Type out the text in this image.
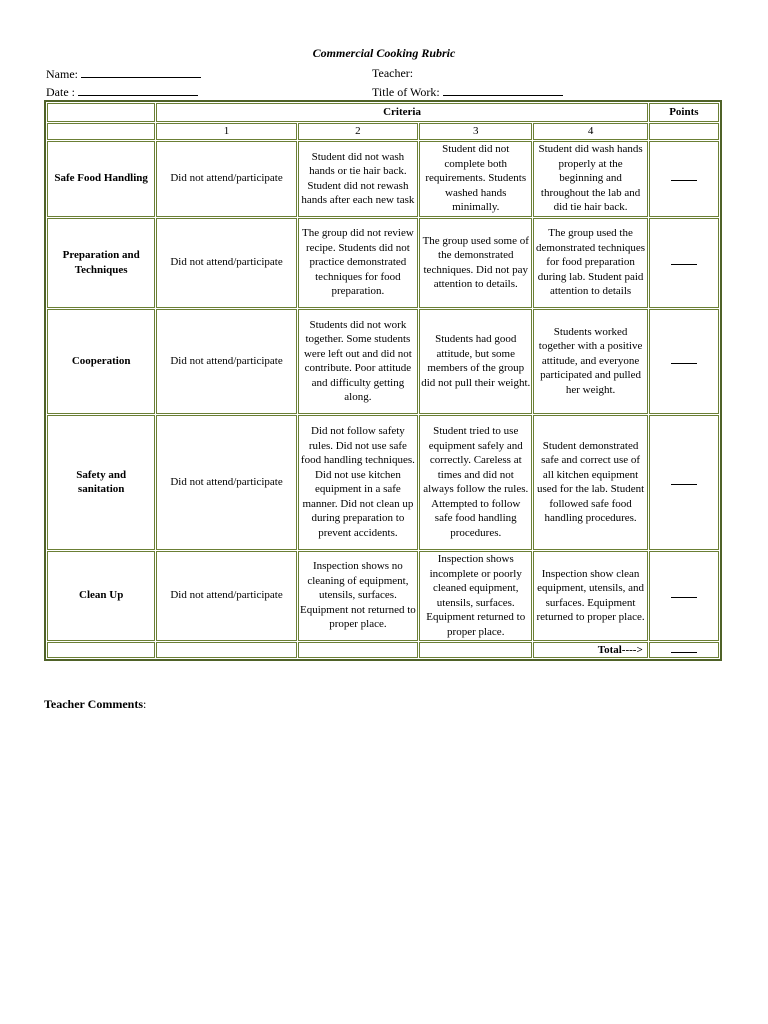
Commercial Cooking Rubric
Name:	Teacher:
Date :	Title of Work:
	Criteria				Points
	1	2	3	4	
Safe Food Handling	Did not attend/participate	Student did not wash hands or tie hair back. Student did not rewash hands after each new task	Student did not complete both requirements. Students washed hands minimally.	Student did wash hands properly at the beginning and throughout the lab and did tie hair back.	
Preparation and Techniques	Did not attend/participate	The group did not review recipe. Students did not practice demonstrated techniques for food preparation.	The group used some of the demonstrated techniques. Did not pay attention to details.	The group used the demonstrated techniques for food preparation during lab. Student paid attention to details	
Cooperation	Did not attend/participate	Students did not work together. Some students were left out and did not contribute. Poor attitude and difficulty getting along.	Students had good attitude, but some members of the group did not pull their weight.	Students worked together with a positive attitude, and everyone participated and pulled her weight.	
Safety and sanitation	Did not attend/participate	Did not follow safety rules. Did not use safe food handling techniques. Did not use kitchen equipment in a safe manner. Did not clean up during preparation to prevent accidents.	Student tried to use equipment safely and correctly. Careless at times and did not always follow the rules. Attempted to follow safe food handling procedures.	Student demonstrated safe and correct use of all kitchen equipment used for the lab. Student followed safe food handling procedures.	
Clean Up	Did not attend/participate	Inspection shows no cleaning of equipment, utensils, surfaces. Equipment not returned to proper place.	Inspection shows incomplete or poorly cleaned equipment, utensils, surfaces. Equipment returned to proper place.	Inspection show clean equipment, utensils, and surfaces. Equipment returned to proper place.	
				Total---->	
Teacher Comments:
